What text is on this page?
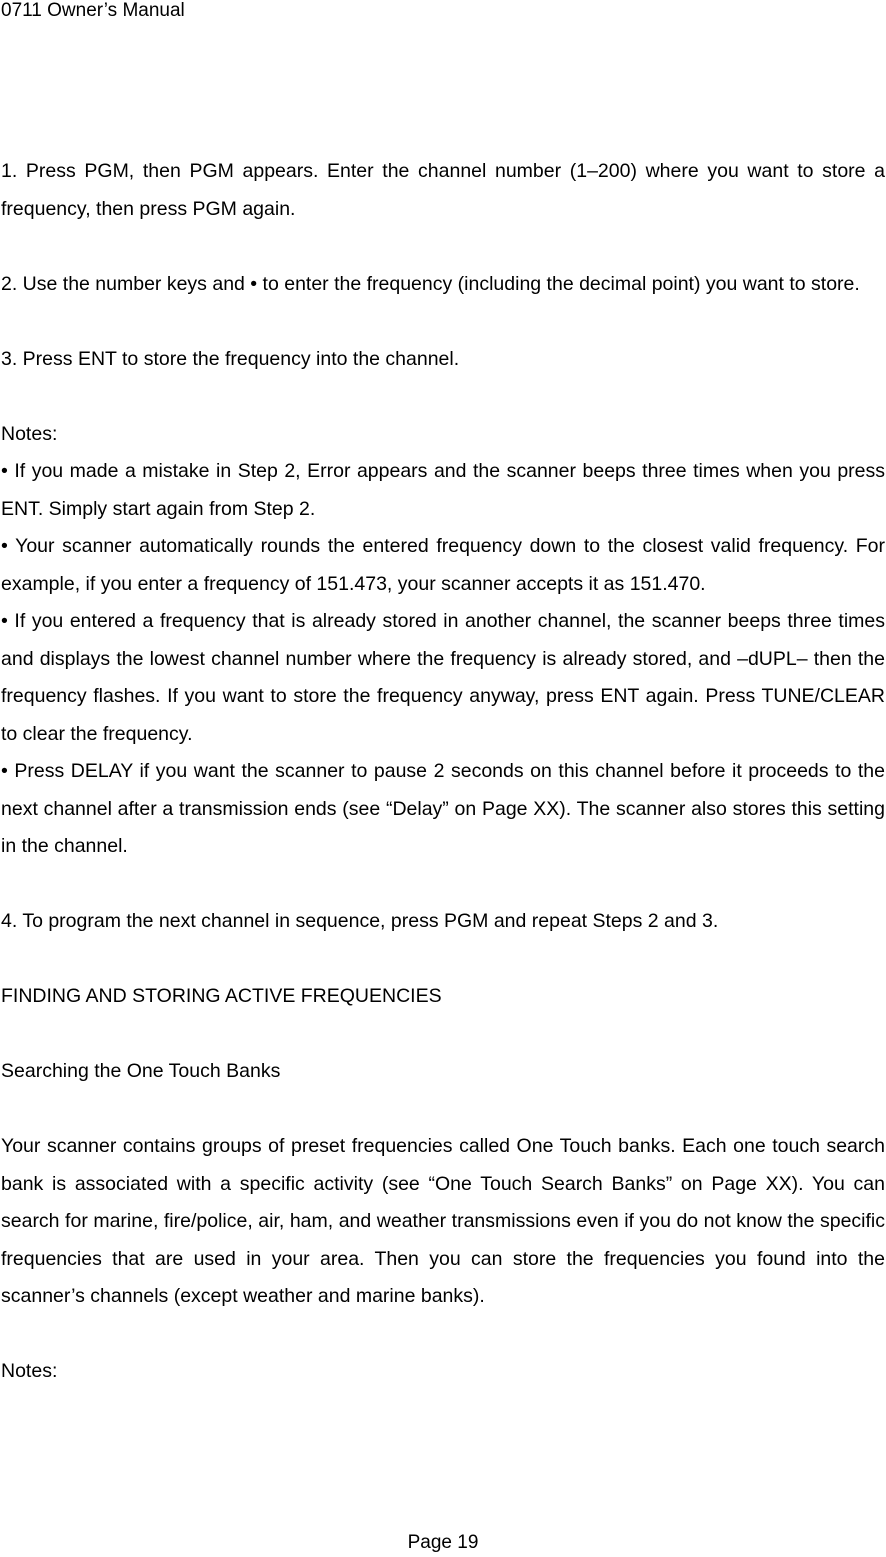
0711 Owner’s Manual

1. Press PGM, then PGM appears. Enter the channel number (1–200) where you want to store a frequency, then press PGM again.

2. Use the number keys and • to enter the frequency (including the decimal point) you want to store.

3. Press ENT to store the frequency into the channel.

Notes:

• If you made a mistake in Step 2, Error appears and the scanner beeps three times when you press ENT. Simply start again from Step 2.

• Your scanner automatically rounds the entered frequency down to the closest valid frequency. For example, if you enter a frequency of 151.473, your scanner accepts it as 151.470.

• If you entered a frequency that is already stored in another channel, the scanner beeps three times and displays the lowest channel number where the frequency is already stored, and –dUPL– then the frequency flashes. If you want to store the frequency anyway, press ENT again. Press TUNE/CLEAR to clear the frequency.

• Press DELAY if you want the scanner to pause 2 seconds on this channel before it proceeds to the next channel after a transmission ends (see “Delay” on Page XX). The scanner also stores this setting in the channel.

4. To program the next channel in sequence, press PGM and repeat Steps 2 and 3.

FINDING AND STORING ACTIVE FREQUENCIES

Searching the One Touch Banks

Your scanner contains groups of preset frequencies called One Touch banks. Each one touch search bank is associated with a specific activity (see “One Touch Search Banks” on Page XX). You can search for marine, fire/police, air, ham, and weather transmissions even if you do not know the specific frequencies that are used in your area. Then you can store the frequencies you found into the scanner’s channels (except weather and marine banks).

Notes:

Page 19
